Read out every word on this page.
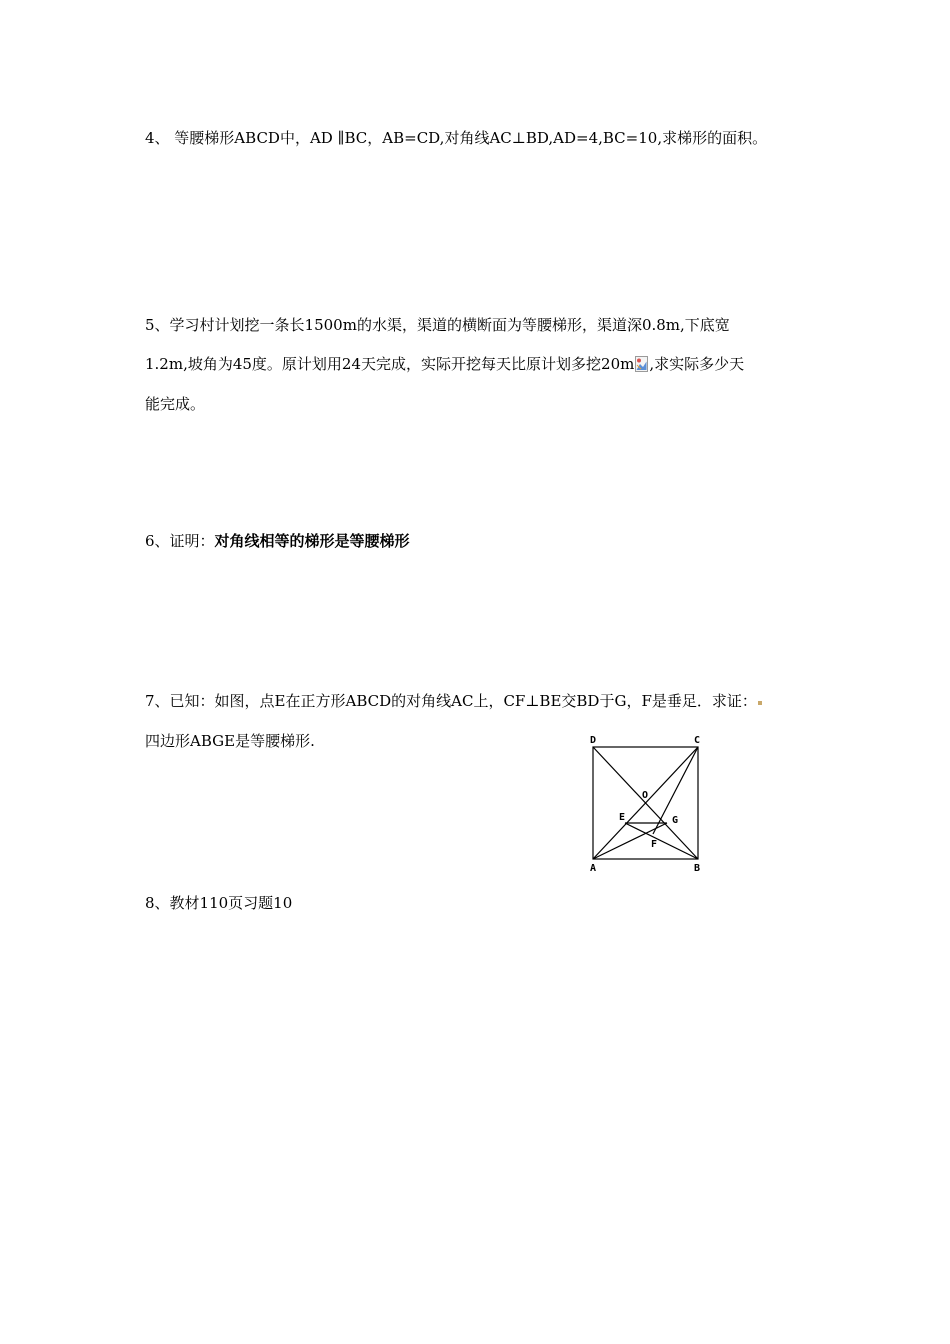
4、 等腰梯形ABCD中，AD ∥BC，AB=CD,对角线AC⊥BD,AD=4,BC=10,求梯形的面积。
5、学习村计划挖一条长1500m的水渠，渠道的横断面为等腰梯形，渠道深0.8m,下底宽
1.2m,坡角为45度。原计划用24天完成，实际开挖每天比原计划多挖20m ,求实际多少天
能完成。
6、证明：对角线相等的梯形是等腰梯形
7、已知：如图，点E在正方形ABCD的对角线AC上，CF⊥BE交BD于G，F是垂足．求证：
四边形ABGE是等腰梯形.	D	C
A	B
O
E	G
F
8、教材110页习题10
